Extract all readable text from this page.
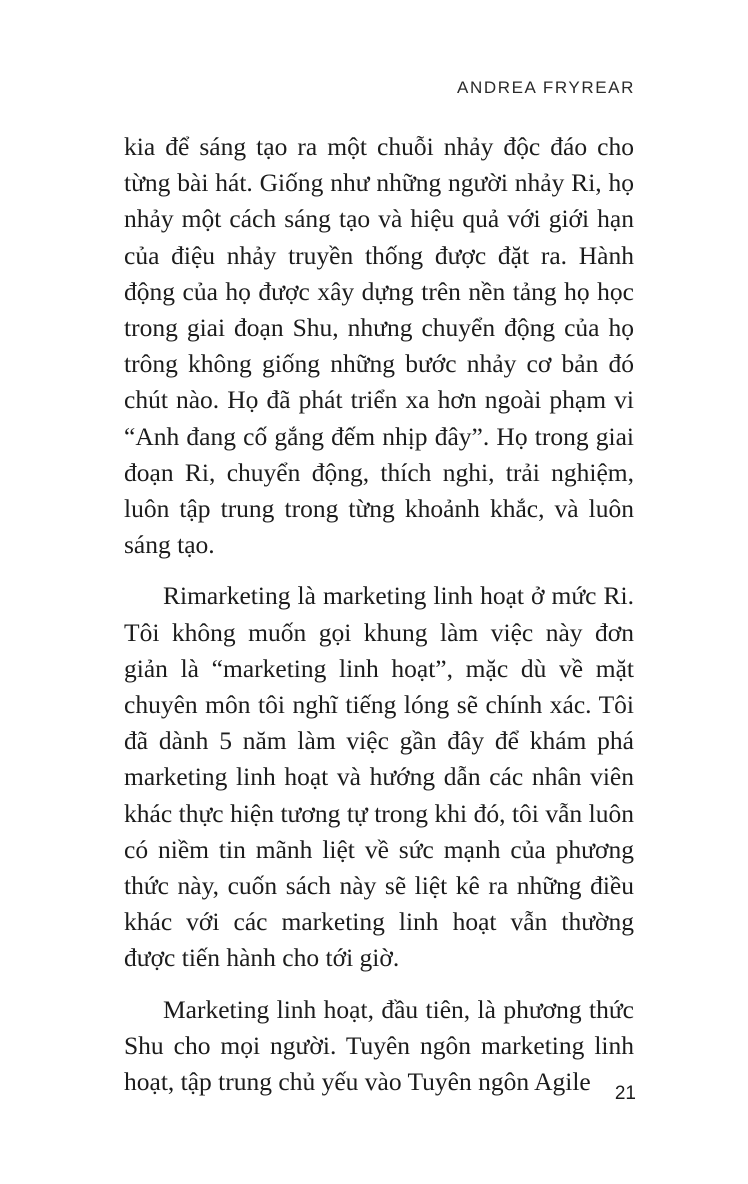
ANDREA FRYREAR

kia để sáng tạo ra một chuỗi nhảy độc đáo cho từng bài hát. Giống như những người nhảy Ri, họ nhảy một cách sáng tạo và hiệu quả với giới hạn của điệu nhảy truyền thống được đặt ra. Hành động của họ được xây dựng trên nền tảng họ học trong giai đoạn Shu, nhưng chuyển động của họ trông không giống những bước nhảy cơ bản đó chút nào. Họ đã phát triển xa hơn ngoài phạm vi “Anh đang cố gắng đếm nhịp đây”. Họ trong giai đoạn Ri, chuyển động, thích nghi, trải nghiệm, luôn tập trung trong từng khoảnh khắc, và luôn sáng tạo.

Rimarketing là marketing linh hoạt ở mức Ri. Tôi không muốn gọi khung làm việc này đơn giản là “marketing linh hoạt”, mặc dù về mặt chuyên môn tôi nghĩ tiếng lóng sẽ chính xác. Tôi đã dành 5 năm làm việc gần đây để khám phá marketing linh hoạt và hướng dẫn các nhân viên khác thực hiện tương tự trong khi đó, tôi vẫn luôn có niềm tin mãnh liệt về sức mạnh của phương thức này, cuốn sách này sẽ liệt kê ra những điều khác với các marketing linh hoạt vẫn thường được tiến hành cho tới giờ.

Marketing linh hoạt, đầu tiên, là phương thức Shu cho mọi người. Tuyên ngôn marketing linh hoạt, tập trung chủ yếu vào Tuyên ngôn Agile	21
